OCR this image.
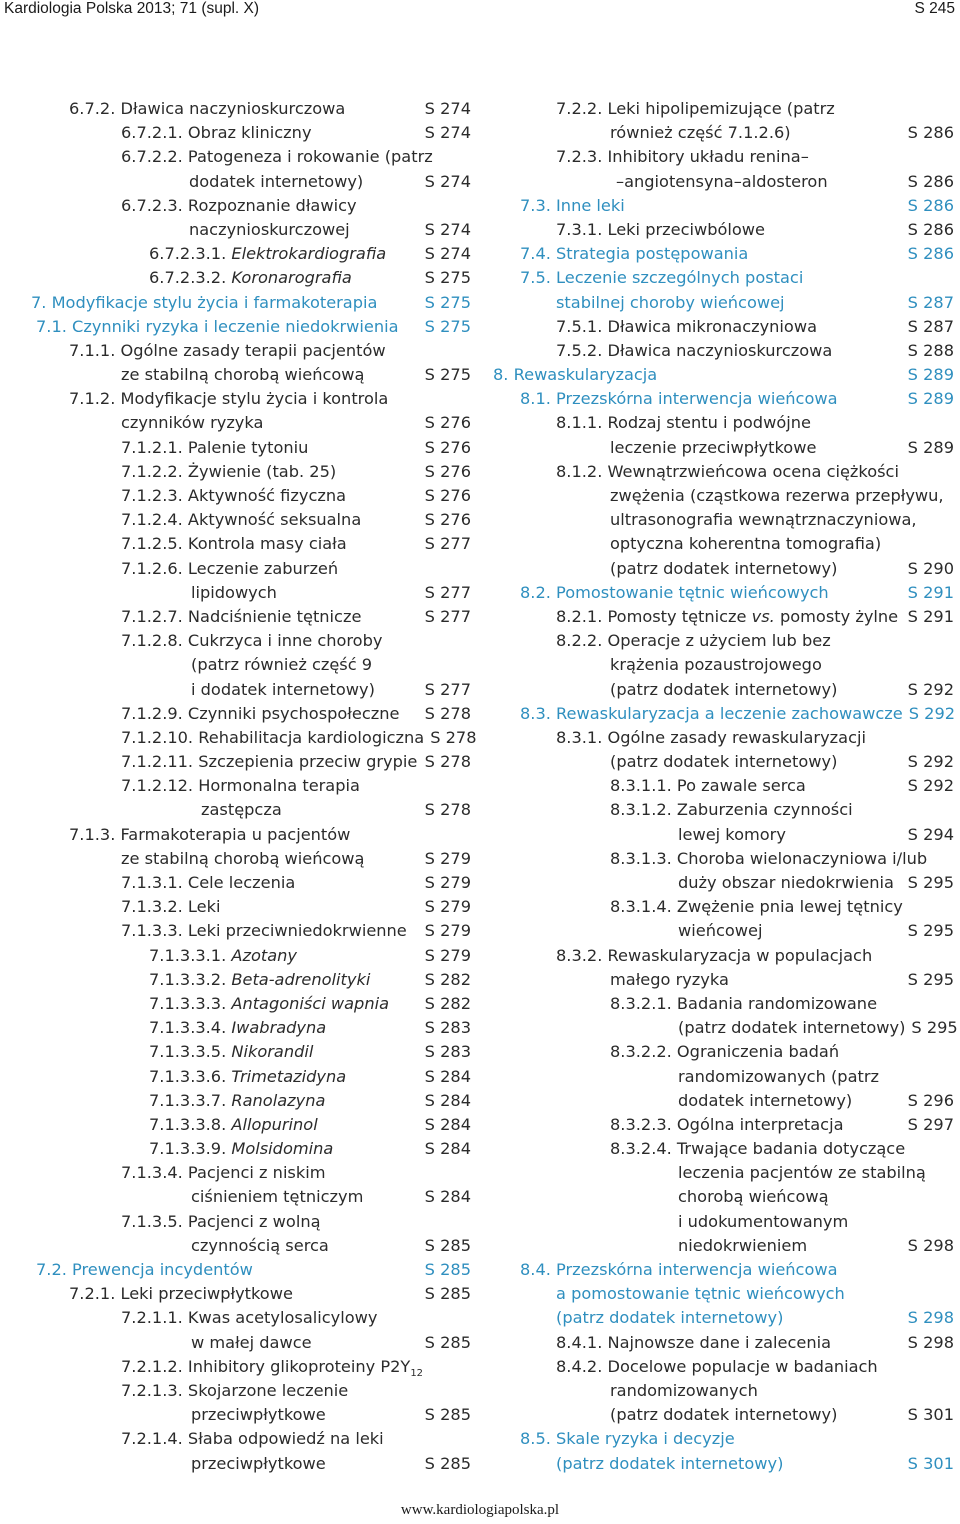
Kardiologia Polska 2013; 71 (supl. X)	S 245
6.7.2. Dławica naczynioskurczowa	S 274
6.7.2.1. Obraz kliniczny	S 274
6.7.2.2. Patogeneza i rokowanie (patrz
dodatek internetowy)	S 274
6.7.2.3. Rozpoznanie dławicy
naczynioskurczowej	S 274
6.7.2.3.1. Elektrokardiografia S 274
6.7.2.3.2. Koronarografia	S 275
7. Modyfikacje stylu życia i farmakoterapia	S 275
7.1. Czynniki ryzyka i leczenie niedokrwienia S 275
7.1.1. Ogólne zasady terapii pacjentów
ze stabilną chorobą wieńcową	S 275
7.1.2. Modyfikacje stylu życia i kontrola
czynników ryzyka	S 276
7.1.2.1. Palenie tytoniu	S 276
7.1.2.2. Żywienie (tab. 25)	S 276
7.1.2.3. Aktywność fizyczna	S 276
7.1.2.4. Aktywność seksualna	S 276
7.1.2.5. Kontrola masy ciała	S 277
7.1.2.6. Leczenie zaburzeń
lipidowych	S 277
7.1.2.7. Nadciśnienie tętnicze	S 277
7.1.2.8. Cukrzyca i inne choroby
(patrz również część 9
i dodatek internetowy)	S 277
7.1.2.9. Czynniki psychospołeczne S 278
7.1.2.10. Rehabilitacja kardiologiczna S 278
7.1.2.11. Szczepienia przeciw grypie S 278
7.1.2.12. Hormonalna terapia
zastępcza	S 278
7.1.3. Farmakoterapia u pacjentów
ze stabilną chorobą wieńcową	S 279
7.1.3.1. Cele leczenia	S 279
7.1.3.2. Leki	S 279
7.1.3.3. Leki przeciwniedokrwienne S 279
7.1.3.3.1. Azotany	S 279
7.1.3.3.2. Beta-adrenolityki	S 282
7.1.3.3.3. Antagoniści wapnia S 282
7.1.3.3.4. Iwabradyna	S 283
7.1.3.3.5. Nikorandil	S 283
7.1.3.3.6. Trimetazidyna	S 284
7.1.3.3.7. Ranolazyna	S 284
7.1.3.3.8. Allopurinol	S 284
7.1.3.3.9. Molsidomina	S 284
7.1.3.4. Pacjenci z niskim
ciśnieniem tętniczym	S 284
7.1.3.5. Pacjenci z wolną
czynnością serca	S 285
7.2. Prewencja incydentów	S 285
7.2.1. Leki przeciwpłytkowe	S 285
7.2.1.1. Kwas acetylosalicylowy
w małej dawce	S 285
7.2.1.2. Inhibitory glikoproteiny $P2Y_{12}$
7.2.1.3. Skojarzone leczenie
przeciwpłytkowe	S 285
7.2.1.4. Słaba odpowiedź na leki
przeciwpłytkowe	S 285
7.2.2. Leki hipolipemizujące (patrz
również część 7.1.2.6)	S 286
7.2.3. Inhibitory układu renina–
–angiotensyna–aldosteron	S 286
7.3. Inne leki	S 286
7.3.1. Leki przeciwbólowe	S 286
7.4. Strategia postępowania	S 286
7.5. Leczenie szczególnych postaci
stabilnej choroby wieńcowej	S 287
7.5.1. Dławica mikronaczyniowa	S 287
7.5.2. Dławica naczynioskurczowa	S 288
8. Rewaskularyzacja	S 289
8.1. Przezskórna interwencja wieńcowa	S 289
8.1.1. Rodzaj stentu i podwójne
leczenie przeciwpłytkowe	S 289
8.1.2. Wewnątrzwieńcowa ocena ciężkości
zwężenia (cząstkowa rezerwa przepływu,
ultrasonografia wewnątrznaczyniowa,
optyczna koherentna tomografia)
(patrz dodatek internetowy)	S 290
8.2. Pomostowanie tętnic wieńcowych	S 291
8.2.1. Pomosty tętnicze vs. pomosty żylne S 291
8.2.2. Operacje z użyciem lub bez
krążenia pozaustrojowego
(patrz dodatek internetowy)	S 292
8.3. Rewaskularyzacja a leczenie zachowawcze S 292
8.3.1. Ogólne zasady rewaskularyzacji
(patrz dodatek internetowy)	S 292
8.3.1.1. Po zawale serca	S 292
8.3.1.2. Zaburzenia czynności
lewej komory	S 294
8.3.1.3. Choroba wielonaczyniowa i/lub
duży obszar niedokrwienia S 295
8.3.1.4. Zwężenie pnia lewej tętnicy
wieńcowej	S 295
8.3.2. Rewaskularyzacja w populacjach
małego ryzyka	S 295
8.3.2.1. Badania randomizowane
(patrz dodatek internetowy) S 295
8.3.2.2. Ograniczenia badań
randomizowanych (patrz
dodatek internetowy)	S 296
8.3.2.3. Ogólna interpretacja	S 297
8.3.2.4. Trwające badania dotyczące
leczenia pacjentów ze stabilną
chorobą wieńcową
i udokumentowanym
niedokrwieniem	S 298
8.4. Przezskórna interwencja wieńcowa
a pomostowanie tętnic wieńcowych
(patrz dodatek internetowy)	S 298
8.4.1. Najnowsze dane i zalecenia	S 298
8.4.2. Docelowe populacje w badaniach
randomizowanych
(patrz dodatek internetowy)	S 301
8.5. Skale ryzyka i decyzje
(patrz dodatek internetowy)	S 301
www.kardiologiapolska.pl
